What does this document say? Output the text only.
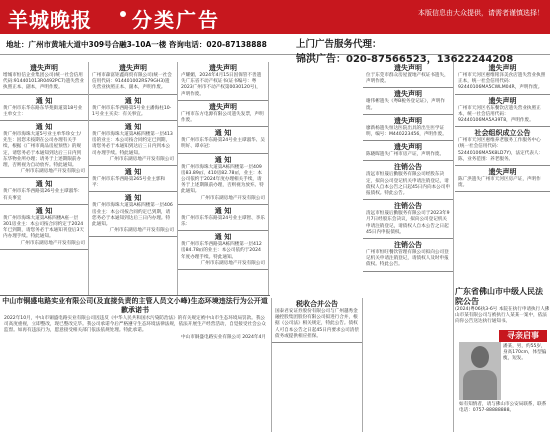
羊城晚报 分类广告	本版信息由大众提供，请需者谨慎选择！
地址：广州市黄埔大道中309号合融3-10A一楼 咨询电话：020-87138888	上门广告服务代理：
锦洪广告：020-87566523，13622244208
遗失声明

增城市恒信企业集团公司(统一社会信用代码:914401013R0492PC7)遗失营业执照正本、副本，声明作废。

通 知

黄广州市东华东路东华苑街道第18号业主单女士：

通 知

黄广州市海珠大道5号业主单华珍女士/先生：因您未按期在公司办理有关手续，根据《广州市商品房屋预售》的规定，请您务必于本通知到达后三日内到东华物业所办理；请务于上述期限前办理，否则视为自动放弃。特此通知。

广州市东湖房地产开发有限公司

通 知

黄广州市东华西路第26号业主谭淑华：有关事宜

通 知

黄广州市海珠大道第A栋四楼A座一层301房业主：本公司按合同约定于2024年已到期，请您务必于本通知刊登后3天内办理手续。特此通知。

广州市东湖房地产开发有限公司

遗失声明

广州市森富钜鑫商贸有限公司(统一社会信用代码：914401002RS79GH3)遗失营业执照正本、副本，声明作废。

通 知

黄广州市东华西路第5号业主潘海柱10-1号业主买卖：有关事宜。

通 知

黄广州市海珠大道第A栋四楼第一层413房的业主：本公司按合同约定已到期，请您务必于本通知到达后三日内到本公司办理手续。特此通知。

广州市东湖房地产开发有限公司

通 知

黄广州市东华西路第265号业主郭和平：

通 知

黄广州市海珠大道第A栋四楼第一层406房业主：本公司按合同约定已到期，请您务必于本通知到达后三日内办理。特此通知。

广州市东湖房地产开发有限公司

遗失声明

卢耀媚，2024年4月15日因保管不善遗失广东省不动产权证书(证书编号：粤2023广州市不动产权第0030120号)，声明作废。

遗失声明

广州市东方电源有限公司遗失发票，声明作废。

通 知

黄广州市东华东路第24号业主谭淑华、吴明好、谭卓冠：

通 知

黄广州市海珠大道第A栋四楼第一层409房83.89㎡、410房82.78㎡，业主：本公司依约于2024年度办理相关手续，请务于上述期限前办理，否则视为放弃。特此通知。

广州市东湖房地产开发有限公司

通 知

黄广州市东华东路第24号业主谭智、李乐乐：

通 知

黄广州市东华西路第A栋四楼第一层412房84.78㎡的业主：本公司依约于2024年度办理手续。特此通知。

广州市东湖房地产开发有限公司

中山市铜盛电路实业有限公司(及直接负责的主管人员文小峰)生态环境违法行为公开道歉承诺书

2022年10月，中山市铜盛电路实业有限公司因违反《中华人民共和国水污染防治法》的有关规定被中山市生态环境局罚款。我公司高度重视，立即整改，现已整改完毕。我公司承诺今后严格遵守生态环境法律法规，依法开展生产经营活动，自觉接受社会公众监督。如再有违法行为，愿意接受相关部门依法依规处理。特此承诺。

中山市铜盛电路实业有限公司 2024年4月

税收合并公告

国泰君安证券股份有限公司与广州越秀金融控股集团股份有限公司拟进行合并，根据《公司法》相关规定，特此公告。债权人可自本公告之日起45日内要求公司清偿债务或提供相应担保。

遗失声明

位于东莞市群众房屋置地产权证书遗失，声明作废。

遗失声明

谢伟彬遗失《粤B税务登记证》，声明作废。

遗失声明

廖新杨遗失恒达医院出具的出生医学证明，编号：M440223456，声明作废。

遗失声明

陈晓晖遗失广州市房产证，声明作废。

注销公告

清远市恒晟后勤服务有限公司经股东决定，拟向公司登记机关申请注销登记，请债权人自本公告之日起45日内向本公司申报债权。特此公告。

注销公告

清远市恒晟后勤服务有限公司于2023年9月7日经股东会决议，拟向公司登记机关申请注销登记，请债权人自本公告之日起45日内申报债权。

注销公告

广州市恒旺餐饮管理有限公司拟向公司登记机关申请注销登记，请债权人及时申报债权。特此公告。

遗失声明

广州市天河区惠维铭泽美食店遗失营业执照正本，统一社会信用代码：92440106MA5CWLM04R，声明作废。

遗失声明

广州市天河区名东餐饮店遗失营业执照正本，统一社会信用代码：92440106MA5A39T8，声明作废。

社会组织成立公告

广州市天河区惠维养老服务工作服务中心(统一社会信用代码：52440106MA5K8LD7Y)，法定代表人：陈，业务范围：养老服务。

遗失声明

陈广洪遗失广州市天河区房产证，声明作废。

广东省佛山市中级人民法院公告

(2024)粤06执3-6号 本院在执行申请执行人佛山市某有限公司与被执行人某某一案中，依法向你公告送达执行通知书。

寻亲启事
潘某，男，约55岁，身高170cm，体型偏瘦，短发。
如有知情者，请与佛山市公安局联系，联系电话：0757-88888888。
